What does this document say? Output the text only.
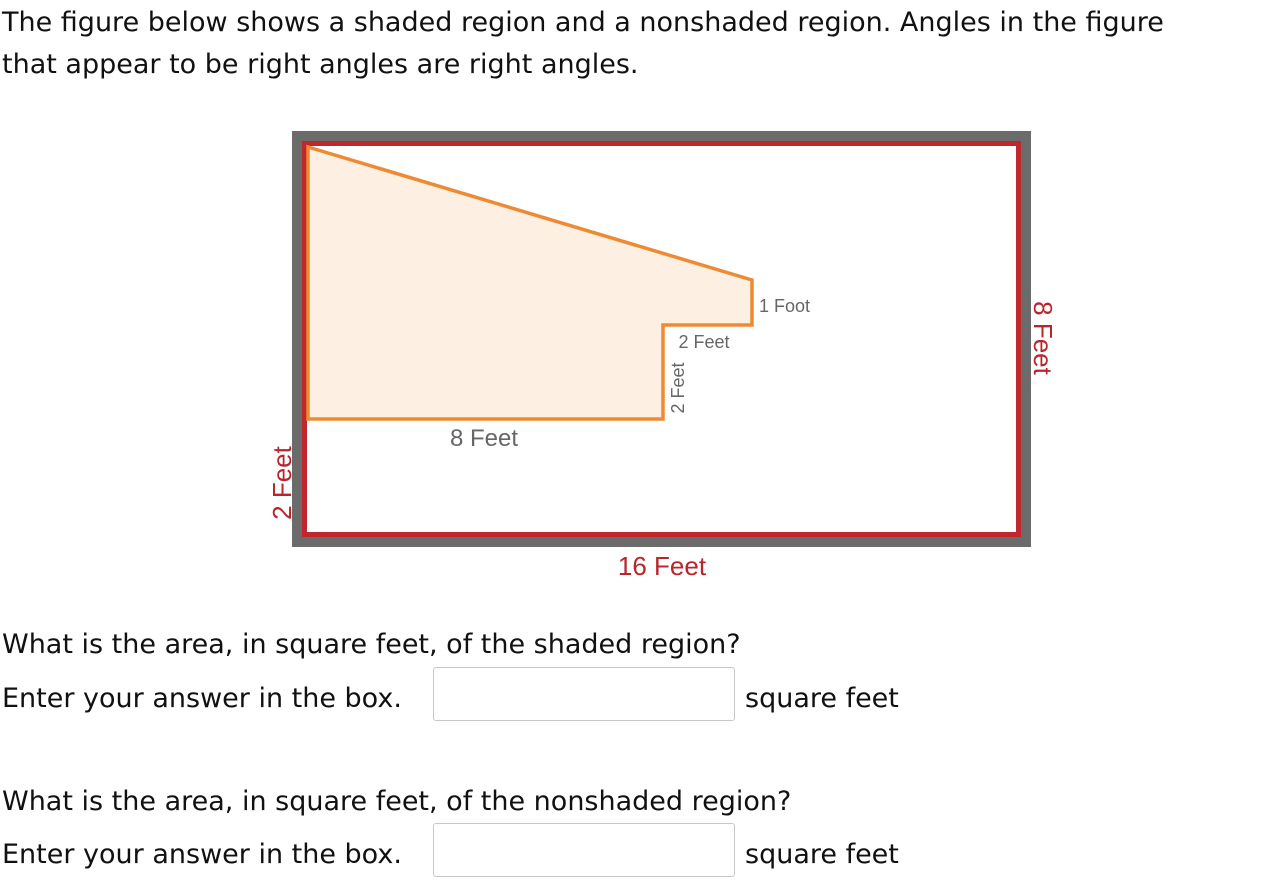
The figure below shows a shaded region and a nonshaded region. Angles in the figure
that appear to be right angles are right angles.

2 Feet
8 Feet
16 Feet
8 Feet
2 Feet
2 Feet
1 Foot

What is the area, in square feet, of the shaded region?

Enter your answer in the box.	square feet

What is the area, in square feet, of the nonshaded region?

Enter your answer in the box.	square feet
